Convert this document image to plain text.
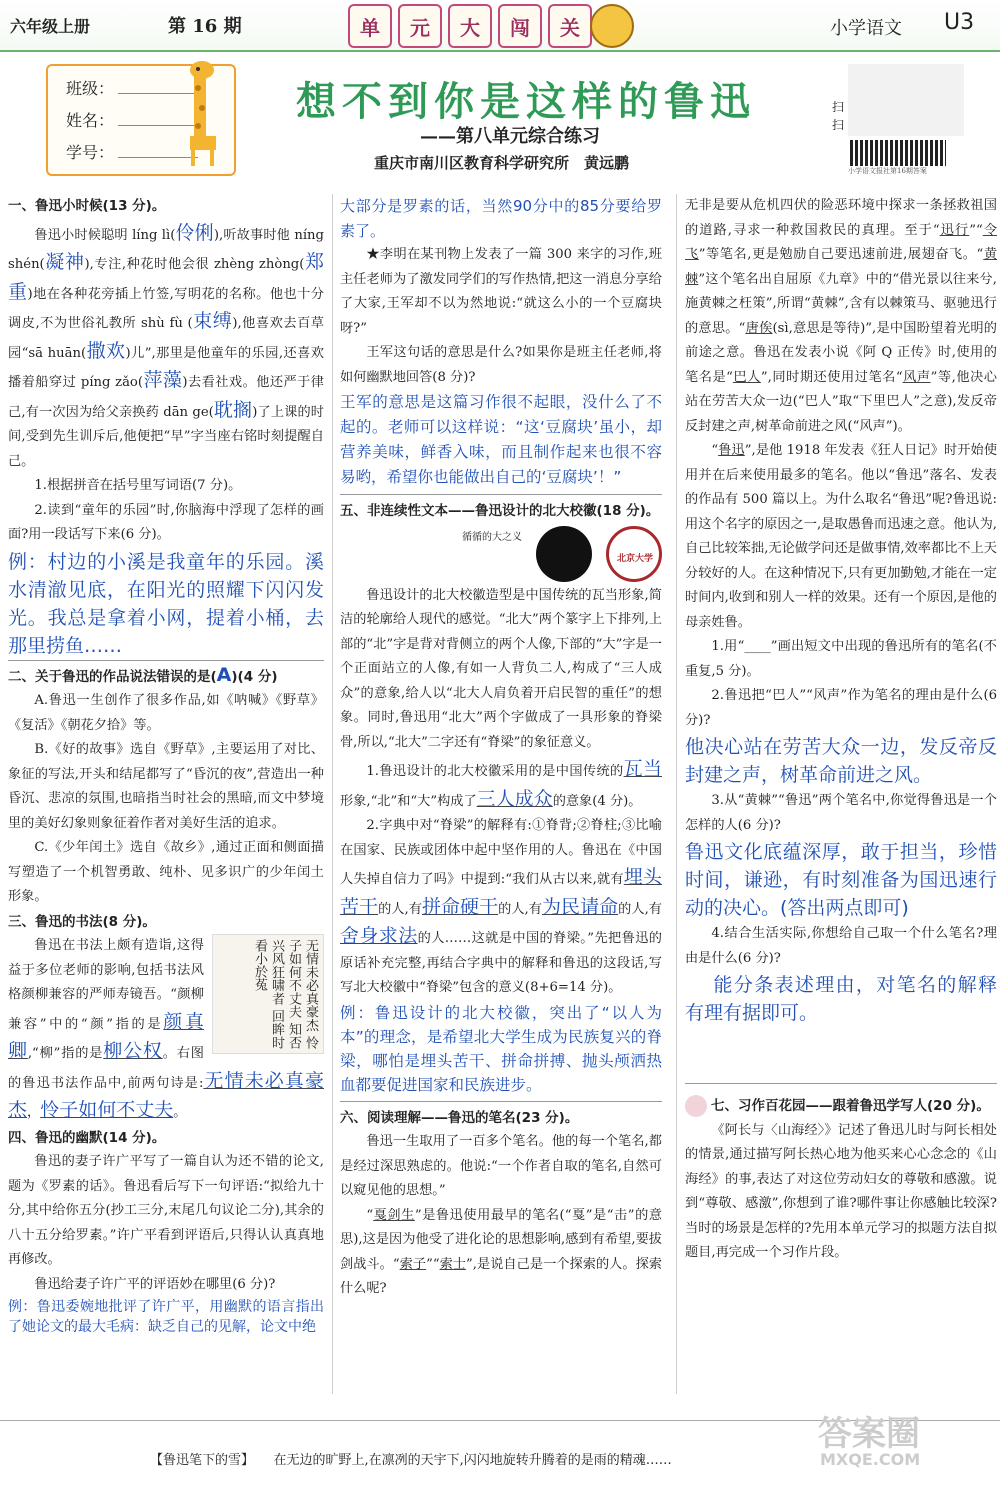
六年级上册	第 16 期	单	元	大	闯	关	小学语文 U3
班级：
姓名：
学号：
想不到你是这样的鲁迅
——第八单元综合练习
重庆市南川区教育科学研究所　黄远鹏
扫
扫
小学语文报社第16期答案

一、鲁迅小时候(13 分)。

鲁迅小时候聪明 líng lì(伶俐),听故事时他 níng shén(凝神),专注,种花时他会很 zhèng zhòng(郑重)地在各种花旁插上竹签,写明花的名称。他也十分调皮,不为世俗礼教所 shù fù (束缚),他喜欢去百草园“sā huān(撒欢)儿”,那里是他童年的乐园,还喜欢播着船穿过 píng zǎo(萍藻)去看社戏。他还严于律己,有一次因为给父亲换药 dān ge(耽搁)了上课的时间,受到先生训斥后,他便把“早”字当座右铭时刻提醒自己。

1.根据拼音在括号里写词语(7 分)。

2.读到“童年的乐园”时,你脑海中浮现了怎样的画面?用一段话写下来(6 分)。

例：村边的小溪是我童年的乐园。溪水清澈见底，在阳光的照耀下闪闪发光。我总是拿着小网，提着小桶，去那里捞鱼……

二、关于鲁迅的作品说法错误的是(A)(4 分)

A.鲁迅一生创作了很多作品,如《呐喊》《野草》《复活》《朝花夕拾》等。

B.《好的故事》选自《野草》,主要运用了对比、象征的写法,开头和结尾都写了“昏沉的夜”,营造出一种昏沉、悲凉的氛围,也暗指当时社会的黑暗,而文中梦境里的美好幻象则象征着作者对美好生活的追求。

C.《少年闰土》选自《故乡》,通过正面和侧面描写塑造了一个机智勇敢、纯朴、见多识广的少年闰土形象。

三、鲁迅的书法(8 分)。

无情未必真豪杰 怜子如何不丈夫 知否兴风狂啸者 回眸时看小於菟

鲁迅在书法上颇有造诣,这得益于多位老师的影响,包括书法风格颜柳兼容的严师寿镜吾。“颜柳兼容”中的“颜”指的是颜真卿,“柳”指的是柳公权。右图的鲁迅书法作品中,前两句诗是:无情未必真豪杰，怜子如何不丈夫。

四、鲁迅的幽默(14 分)。

鲁迅的妻子许广平写了一篇自认为还不错的论文,题为《罗素的话》。鲁迅看后写下一句评语:“拟给九十分,其中给你五分(抄工三分,末尾几句议论二分),其余的八十五分给罗素。”许广平看到评语后,只得认认真真地再修改。

鲁迅给妻子许广平的评语妙在哪里(6 分)?

例：鲁迅委婉地批评了许广平，用幽默的语言指出了她论文的最大毛病：缺乏自己的见解，论文中绝

大部分是罗素的话，当然90分中的85分要给罗素了。

★李明在某刊物上发表了一篇 300 来字的习作,班主任老师为了激发同学们的写作热情,把这一消息分享给了大家,王军却不以为然地说:“就这么小的一个豆腐块呀?”

王军这句话的意思是什么?如果你是班主任老师,将如何幽默地回答(8 分)?

王军的意思是这篇习作很不起眼，没什么了不起的。老师可以这样说：“这‘豆腐块’虽小，却营养美味，鲜香入味，而且制作起来也很不容易哟，希望你也能做出自己的‘豆腐块’！”

五、非连续性文本——鲁迅设计的北大校徽(18 分)。

循循的大之义
北京大学

鲁迅设计的北大校徽造型是中国传统的瓦当形象,简洁的轮廓给人现代的感觉。“北大”两个篆字上下排列,上部的“北”字是背对背侧立的两个人像,下部的“大”字是一个正面站立的人像,有如一人背负二人,构成了“三人成众”的意象,给人以“北大人肩负着开启民智的重任”的想象。同时,鲁迅用“北大”两个字做成了一具形象的脊梁骨,所以,“北大”二字还有“脊梁”的象征意义。

1.鲁迅设计的北大校徽采用的是中国传统的瓦当形象,“北”和“大”构成了三人成众的意象(4 分)。

2.字典中对“脊梁”的解释有:①脊背;②脊柱;③比喻在国家、民族或团体中起中坚作用的人。鲁迅在《中国人失掉自信力了吗》中提到:“我们从古以来,就有埋头苦干的人,有拼命硬干的人,有为民请命的人,有舍身求法的人……这就是中国的脊梁。”先把鲁迅的原话补充完整,再结合字典中的解释和鲁迅的这段话,写写北大校徽中“脊梁”包含的意义(8+6=14 分)。

例：鲁迅设计的北大校徽，突出了“以人为本”的理念，是希望北大学生成为民族复兴的脊梁，哪怕是埋头苦干、拼命拼搏、抛头颅洒热血都要促进国家和民族进步。

六、阅读理解——鲁迅的笔名(23 分)。

鲁迅一生取用了一百多个笔名。他的每一个笔名,都是经过深思熟虑的。他说:“一个作者自取的笔名,自然可以窥见他的思想。”

“戛剑生”是鲁迅使用最早的笔名(“戛”是“击”的意思),这是因为他受了进化论的思想影响,感到有希望,要拔剑战斗。“索子”“索士”,是说自己是一个探索的人。探索什么呢?

无非是要从危机四伏的险恶环境中探求一条拯救祖国的道路,寻求一种救国救民的真理。至于“迅行”“令飞”等笔名,更是勉励自己要迅速前进,展翅奋飞。“黄棘”这个笔名出自屈原《九章》中的“借光景以往来兮,施黄棘之枉策”,所谓“黄棘”,含有以棘策马、驱驰迅行的意思。“唐俟(sì,意思是等待)”,是中国盼望着光明的前途之意。鲁迅在发表小说《阿 Q 正传》时,使用的笔名是“巴人”,同时期还使用过笔名“风声”等,他决心站在劳苦大众一边(“巴人”取“下里巴人”之意),发反帝反封建之声,树革命前进之风(“风声”)。

“鲁迅”,是他 1918 年发表《狂人日记》时开始使用并在后来使用最多的笔名。他以“鲁迅”落名、发表的作品有 500 篇以上。为什么取名“鲁迅”呢?鲁迅说:用这个名字的原因之一,是取愚鲁而迅速之意。他认为,自己比较笨拙,无论做学问还是做事情,效率都比不上天分较好的人。在这种情况下,只有更加勤勉,才能在一定时间内,收到和别人一样的效果。还有一个原因,是他的母亲姓鲁。

1.用“____”画出短文中出现的鲁迅所有的笔名(不重复,5 分)。

2.鲁迅把“巴人”“风声”作为笔名的理由是什么(6 分)?

他决心站在劳苦大众一边，发反帝反封建之声，树革命前进之风。

3.从“黄棘”“鲁迅”两个笔名中,你觉得鲁迅是一个怎样的人(6 分)?

鲁迅文化底蕴深厚，敢于担当，珍惜时间，谦逊，有时刻准备为国迅速行动的决心。(答出两点即可)

4.结合生活实际,你想给自己取一个什么笔名?理由是什么(6 分)?

能分条表述理由，对笔名的解释有理有据即可。

七、习作百花园——跟着鲁迅学写人(20 分)。

《阿长与〈山海经〉》记述了鲁迅儿时与阿长相处的情景,通过描写阿长热心地为他买来心心念念的《山海经》的事,表达了对这位劳动妇女的尊敬和感激。说到“尊敬、感激”,你想到了谁?哪件事让你感触比较深?当时的场景是怎样的?先用本单元学习的拟题方法自拟题目,再完成一个习作片段。

【鲁迅笔下的雪】　　 在无边的旷野上,在凛冽的天宇下,闪闪地旋转升腾着的是雨的精魂……
答案圈
MXQE.COM
